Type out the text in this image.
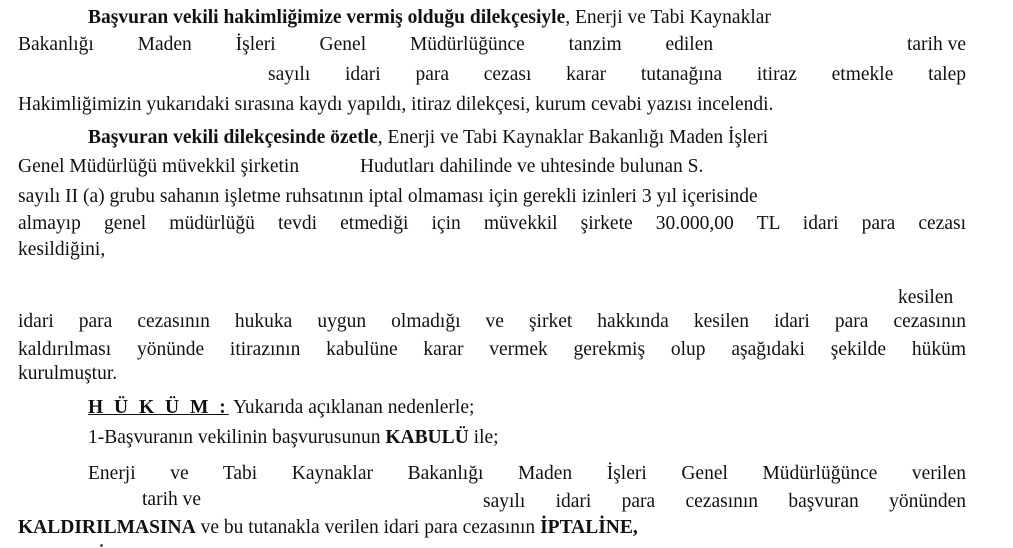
Başvuran vekili hakimliğimize vermiş olduğu dilekçesiyle, Enerji ve Tabi Kaynaklar
Bakanlığı Maden İşleri Genel Müdürlüğünce tanzim edilen	tarih ve
sayılı idari para cezası karar tutanağına itiraz etmekle talep
Hakimliğimizin yukarıdaki sırasına kaydı yapıldı, itiraz dilekçesi, kurum cevabi yazısı incelendi.
Başvuran vekili dilekçesinde özetle, Enerji ve Tabi Kaynaklar Bakanlığı Maden İşleri
Genel Müdürlüğü müvekkil şirketin	Hudutları dahilinde ve uhtesinde bulunan S.
sayılı II (a) grubu sahanın işletme ruhsatının iptal olmaması için gerekli izinleri 3 yıl içerisinde
almayıp genel müdürlüğü tevdi etmediği için müvekkil şirkete 30.000,00 TL idari para cezası
kesildiğini,
kesilen
idari para cezasının hukuka uygun olmadığı ve şirket hakkında kesilen idari para cezasının
kaldırılması yönünde itirazının kabulüne karar vermek gerekmiş olup aşağıdaki şekilde hüküm
kurulmuştur.
H Ü K Ü M : Yukarıda açıklanan nedenlerle;
1-Başvuranın vekilinin başvurusunun KABULÜ ile;
Enerji ve Tabi Kaynaklar Bakanlığı Maden İşleri Genel Müdürlüğünce verilen
tarih ve	sayılı idari para cezasının başvuran yönünden
KALDIRILMASINA ve bu tutanakla verilen idari para cezasının İPTALİNE,
